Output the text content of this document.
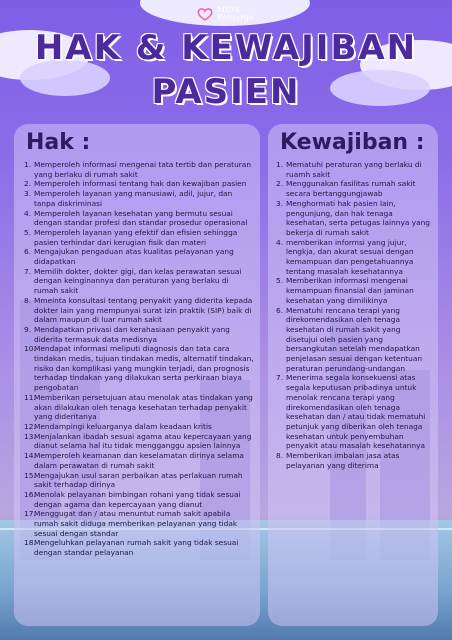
Mitra
Keluarga
HAK & KEWAJIBAN
PASIEN
Hak :
1. Memperoleh informasi mengenai tata tertib dan peraturan yang berlaku di rumah sakit
2. Memperoleh informasi tentang hak dan kewajiban pasien
3. Memperoleh layanan yang manusiawi, adil, jujur, dan tanpa diskriminasi
4. Memperoleh layanan kesehatan yang bermutu sesuai dengan standar profesi dan standar prosedur operasional
5. Memperoleh layanan yang efektif dan efisien sehingga pasien terhindar dari kerugian fisik dan materi
6. Mengajukan pengaduan atas kualitas pelayanan yang didapatkan
7. Memilih dokter, dokter gigi, dan kelas perawatan sesuai dengan keinginannya dan peraturan yang berlaku di rumah sakit
8. Mmeinta konsultasi tentang penyakit yang diderita kepada dokter lain yang mempunyai surat izin praktik (SIP) baik di dalam maupun di luar rumah sakit
9. Mendapatkan privasi dan kerahasiaan penyakit yang diderita termasuk data medisnya
10.
Mendapat informasi meliputi diagnosis dan tata cara tindakan medis, tujuan tindakan medis, alternatif tindakan, risiko dan komplikasi yang mungkin terjadi, dan prognosis terhadap tindakan yang dilakukan serta perkiraan biaya pengobatan
11.
Memberikan persetujuan atau menolak atas tindakan yang akan dilakukan oleh tenaga kesehatan terhadap penyakit yang dideritanya
12.
Mendampingi keluarganya dalam keadaan kritis
13.
Menjalankan ibadah sesuai agama atau kepercayaan yang dianut selama hal itu tidak mengganggu apsien lainnya
14.
Memperoleh keamanan dan keselamatan dirinya selama dalam perawatan di rumah sakit
15.
Mengajukan usul saran perbaikan atas perlakuan rumah sakit terhadap dirinya
16.
Menolak pelayanan bimbingan rohani yang tidak sesuai dengan agama dan kepercayaan yang dianut
17.
Menggugat dan / atau menuntut rumah sakit apabila rumah sakit diduga memberikan pelayanan yang tidak sesuai dengan standar
18.
Mengeluhkan pelayanan rumah sakit yang tidak sesuai dengan standar pelayanan
Kewajiban :
1. Mematuhi peraturan yang berlaku di ruamh sakit
2. Menggunakan fasilitas rumah sakit secara bertanggungjawab
3. Menghormati hak pasien lain, pengunjung, dan hak tenaga kesehatan, serta petugas lainnya yang bekerja di rumah sakit
4. memberikan informsi yang jujur, lengkja, dan akurat sesuai dengan kemampuan dan pengetahuannya tentang masalah kesehatannya
5. Memberikan informasi mengenai kemampuan finansial dan jaminan kesehatan yang dimilikinya
6. Mematuhi rencana terapi yang direkomendasikan oleh tenaga kesehatan di rumah sakit yang disetujui oleh pasien yang bersangkutan setelah mendapatkan penjelasan sesuai dengan ketentuan peraturan perundang-undangan
7. Menerima segala konsekuensi atas segala keputusan pribadinya untuk menolak rencana terapi yang direkomendasikan oleh tenaga kesehatan dan / atau tidak mematuhi petunjuk yang diberikan oleh tenaga kesehatan untuk penyembuhan penyakit atau masalah kesehatannya
8. Memberikan imbalan jasa atas pelayanan yang diterima
